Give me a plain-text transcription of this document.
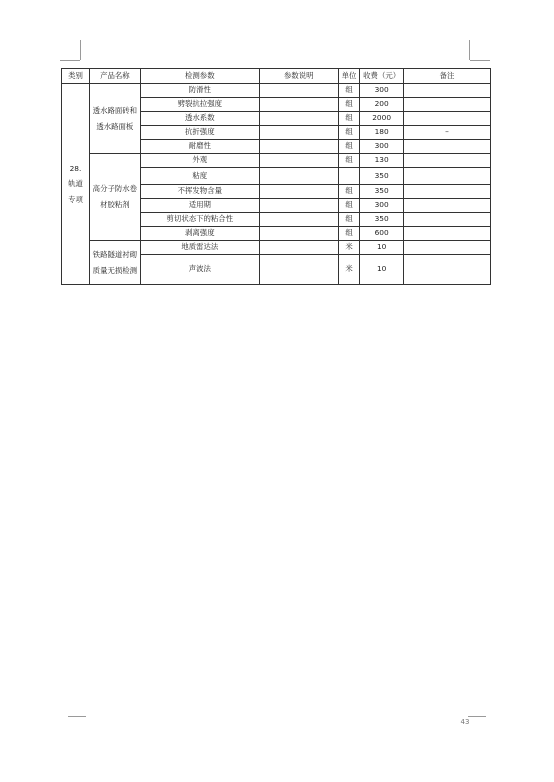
类别	产品名称	检测参数	参数说明	单位	收费（元）	备注
28.轨道专项	透水路面砖和透水路面板	防滑性		组	300	
		劈裂抗拉强度		组	200	
		透水系数		组	2000	
		抗折强度		组	180	–
		耐磨性		组	300	
	高分子防水卷材胶粘剂	外观		组	130	
		粘度			350	
		不挥发物含量		组	350	
		适用期		组	300	
		剪切状态下的粘合性		组	350	
		剥离强度		组	600	
	铁路隧道衬砌质量无损检测	地质雷达法		米	10	
		声波法		米	10	
43
